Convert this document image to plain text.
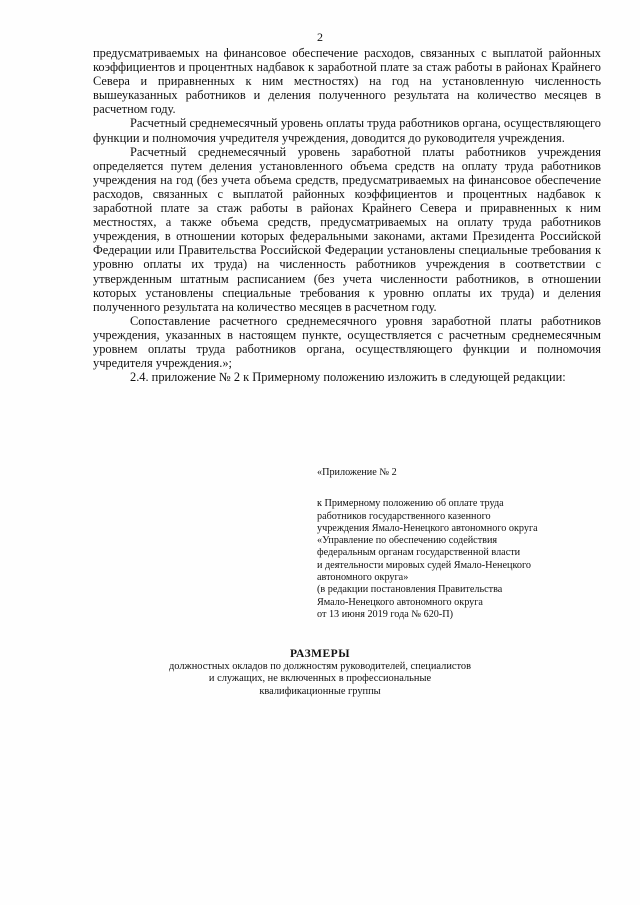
2

предусматриваемых на финансовое обеспечение расходов, связанных с выплатой районных коэффициентов и процентных надбавок к заработной плате за стаж работы в районах Крайнего Севера и приравненных к ним местностях) на год на установленную численность вышеуказанных работников и деления полученного результата на количество месяцев в расчетном году.

Расчетный среднемесячный уровень оплаты труда работников органа, осуществляющего функции и полномочия учредителя учреждения, доводится до руководителя учреждения.

Расчетный среднемесячный уровень заработной платы работников учреждения определяется путем деления установленного объема средств на оплату труда работников учреждения на год (без учета объема средств, предусматриваемых на финансовое обеспечение расходов, связанных с выплатой районных коэффициентов и процентных надбавок к заработной плате за стаж работы в районах Крайнего Севера и приравненных к ним местностях, а также объема средств, предусматриваемых на оплату труда работников учреждения, в отношении которых федеральными законами, актами Президента Российской Федерации или Правительства Российской Федерации установлены специальные требования к уровню оплаты их труда) на численность работников учреждения в соответствии с утвержденным штатным расписанием (без учета численности работников, в отношении которых установлены специальные требования к уровню оплаты их труда) и деления полученного результата на количество месяцев в расчетном году.

Сопоставление расчетного среднемесячного уровня заработной платы работников учреждения, указанных в настоящем пункте, осуществляется с расчетным среднемесячным уровнем оплаты труда работников органа, осуществляющего функции и полномочия учредителя учреждения.»;

2.4. приложение № 2 к Примерному положению изложить в следующей редакции:

«Приложение № 2
к Примерному положению об оплате труда
работников государственного казенного
учреждения Ямало-Ненецкого автономного округа
«Управление по обеспечению содействия
федеральным органам государственной власти
и деятельности мировых судей Ямало-Ненецкого
автономного округа»
(в редакции постановления Правительства
Ямало-Ненецкого автономного округа
от 13 июня 2019 года № 620-П)
РАЗМЕРЫ
должностных окладов по должностям руководителей, специалистов
и служащих, не включенных в профессиональные
квалификационные группы
